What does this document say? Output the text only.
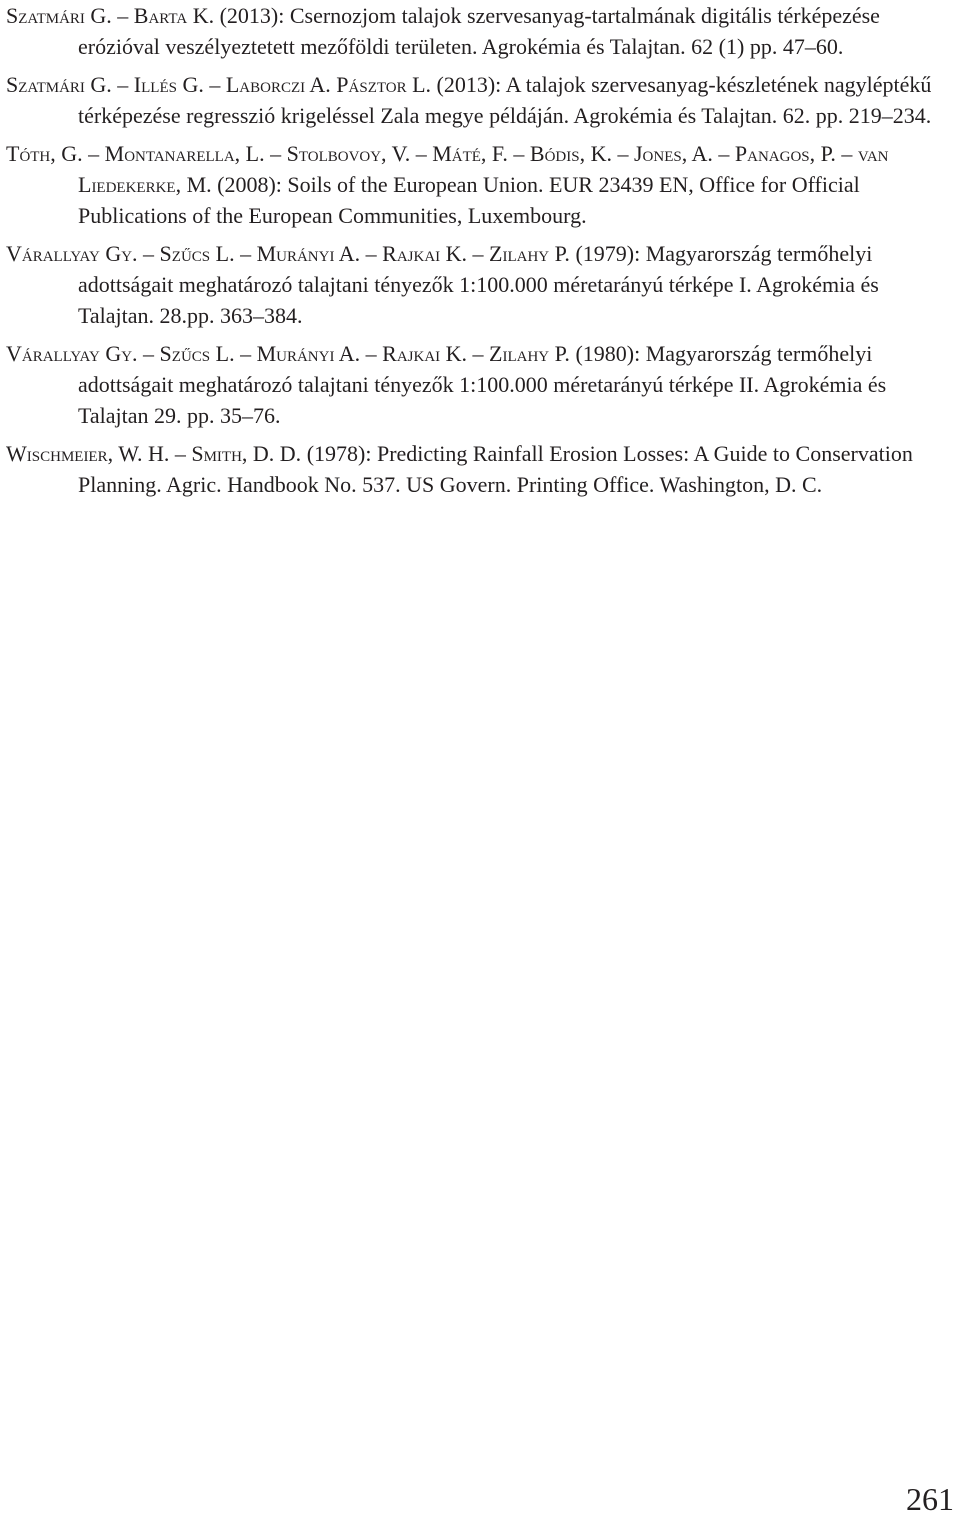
Szatmári G. – Barta K. (2013): Csernozjom talajok szervesanyag-tartalmának digitális térképezése erózióval veszélyeztetett mezőföldi területen. Agrokémia és Talajtan. 62 (1) pp. 47–60.
Szatmári G. – Illés G. – Laborczi A. Pásztor L. (2013): A talajok szervesanyag-készletének nagyléptékű térképezése regresszió krigeléssel Zala megye példáján. Agrokémia és Talajtan. 62. pp. 219–234.
Tóth, G. – Montanarella, L. – Stolbovoy, V. – Máté, F. – Bódis, K. – Jones, A. – Panagos, P. – van Liedekerke, M. (2008): Soils of the European Union. EUR 23439 EN, Office for Official Publications of the European Communities, Luxembourg.
Várallyay Gy. – Szűcs L. – Murányi A. – Rajkai K. – Zilahy P. (1979): Magyarország termőhelyi adottságait meghatározó talajtani tényezők 1:100.000 méretarányú térképe I. Agrokémia és Talajtan. 28.pp. 363–384.
Várallyay Gy. – Szűcs L. – Murányi A. – Rajkai K. – Zilahy P. (1980): Magyarország termőhelyi adottságait meghatározó talajtani tényezők 1:100.000 méretarányú térképe II. Agrokémia és Talajtan 29. pp. 35–76.
Wischmeier, W. H. – Smith, D. D. (1978): Predicting Rainfall Erosion Losses: A Guide to Conservation Planning. Agric. Handbook No. 537. US Govern. Printing Office. Washington, D. C.
261
